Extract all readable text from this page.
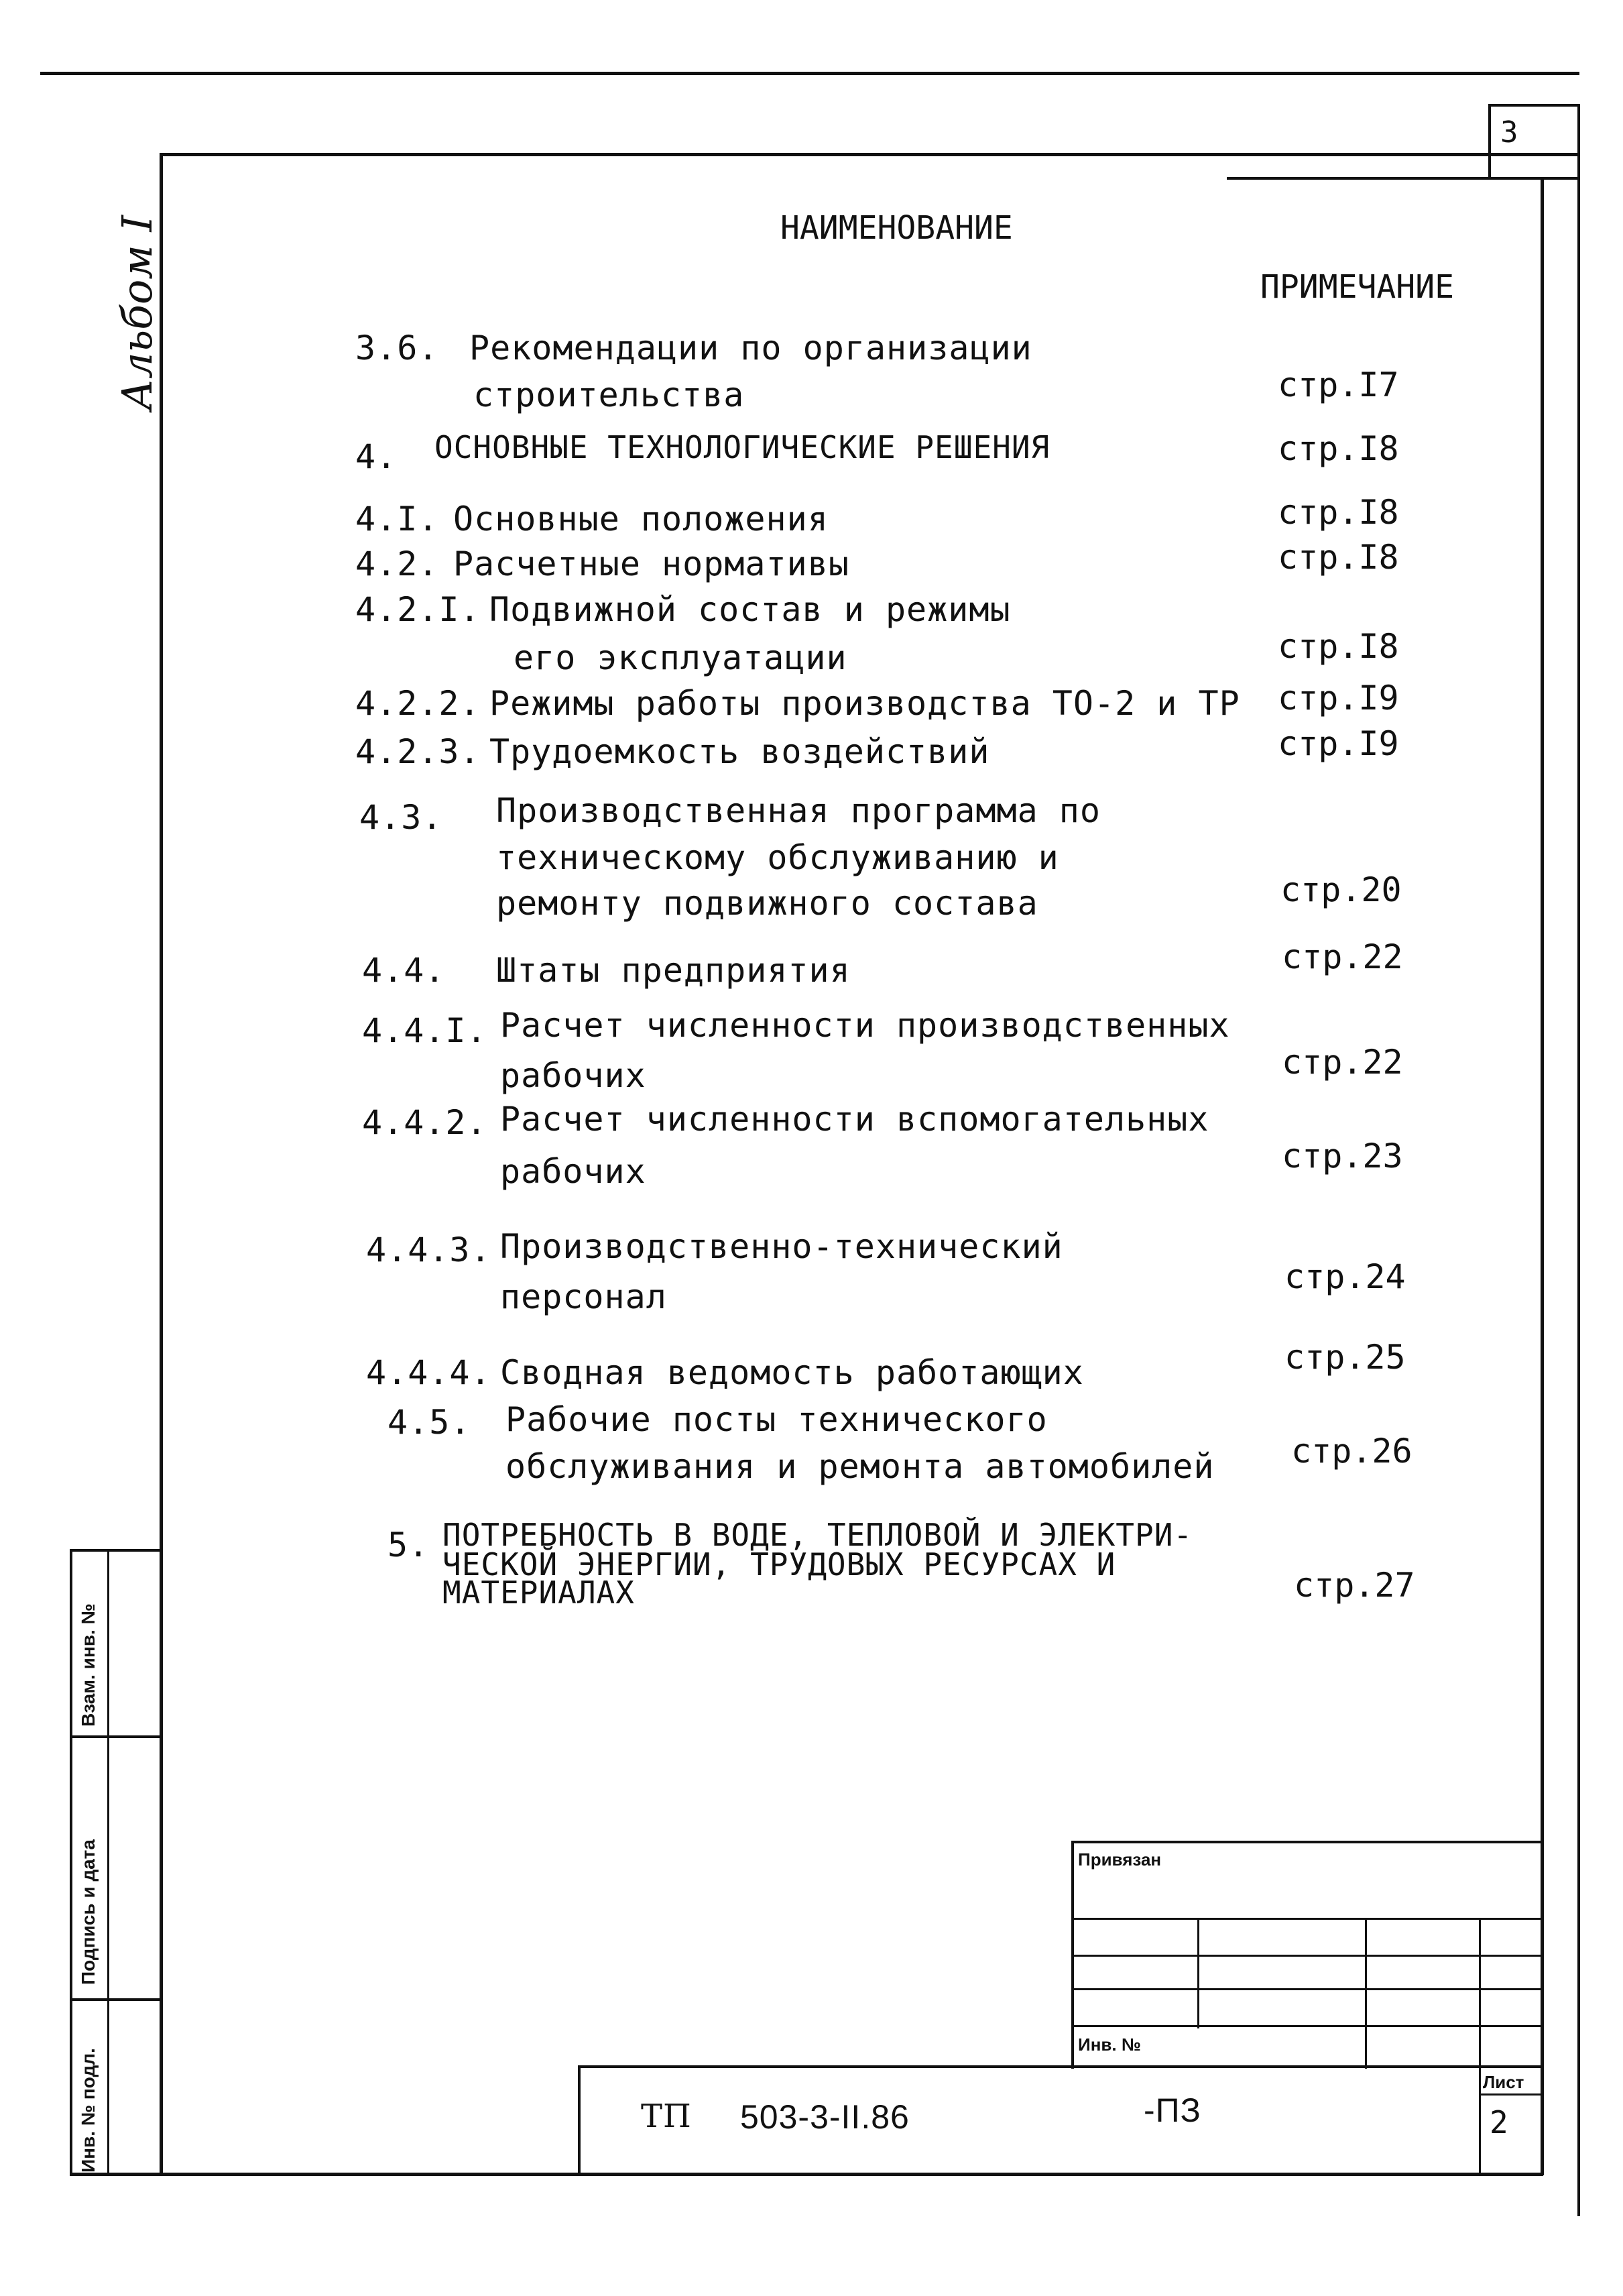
3
Альбом I	НАИМЕНОВАНИЕ
ПРИМЕЧАНИЕ
3.6. Рекомендации по организации
строительства	стр.I7
4. ОСНОВНЫЕ ТЕХНОЛОГИЧЕСКИЕ РЕШЕНИЯ	стр.I8
4.I. Основные положения	стр.I8
4.2. Расчетные нормативы	стр.I8
4.2.I. Подвижной состав и режимы
его эксплуатации	стр.I8
4.2.2. Режимы работы производства ТО-2 и ТР стр.I9
4.2.3. Трудоемкость воздействий	стр.I9
4.3. Производственная программа по
техническому обслуживанию и
ремонту подвижного состава	стр.20
4.4. Штаты предприятия	стр.22
4.4.I. Расчет численности производственных
рабочих	стр.22
4.4.2. Расчет численности вспомогательных
рабочих	стр.23
4.4.3. Производственно-технический
персонал
стр.24
4.4.4. Сводная ведомость работающих	стр.25
4.5. Рабочие посты технического
обслуживания и ремонта автомобилей стр.26
5. ПОТРЕБНОСТЬ В ВОДЕ, ТЕПЛОВОЙ И ЭЛЕКТРИ-
ЧЕСКОЙ ЭНЕРГИИ, ТРУДОВЫХ РЕСУРСАХ И
МАТЕРИАЛАХ	стр.27
Взам. инв. №
Подпись и дата
Инв. № подл.
Привязан
Инв. №
Лист
2
ТП 503-3-II.86	-ПЗ
